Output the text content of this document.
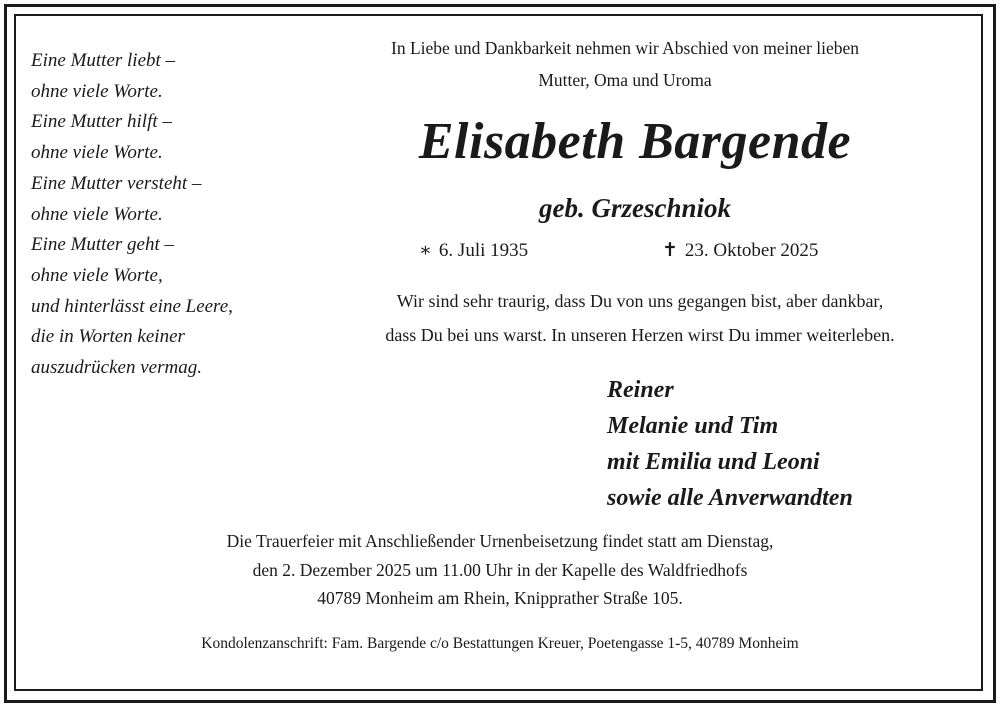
Eine Mutter liebt –
ohne viele Worte.
Eine Mutter hilft –
ohne viele Worte.
Eine Mutter versteht –
ohne viele Worte.
Eine Mutter geht –
ohne viele Worte,
und hinterlässt eine Leere,
die in Worten keiner
auszudrücken vermag.
In Liebe und Dankbarkeit nehmen wir Abschied von meiner lieben
Mutter, Oma und Uroma
Elisabeth Bargende
geb. Grzeschniok
∗ 6. Juli 1935	✝ 23. Oktober 2025
Wir sind sehr traurig, dass Du von uns gegangen bist, aber dankbar,
dass Du bei uns warst. In unseren Herzen wirst Du immer weiterleben.
Reiner
Melanie und Tim
mit Emilia und Leoni
sowie alle Anverwandten
Die Trauerfeier mit Anschließender Urnenbeisetzung findet statt am Dienstag,
den 2. Dezember 2025 um 11.00 Uhr in der Kapelle des Waldfriedhofs
40789 Monheim am Rhein, Knipprather Straße 105.
Kondolenzanschrift: Fam. Bargende c/o Bestattungen Kreuer, Poetengasse 1-5, 40789 Monheim
